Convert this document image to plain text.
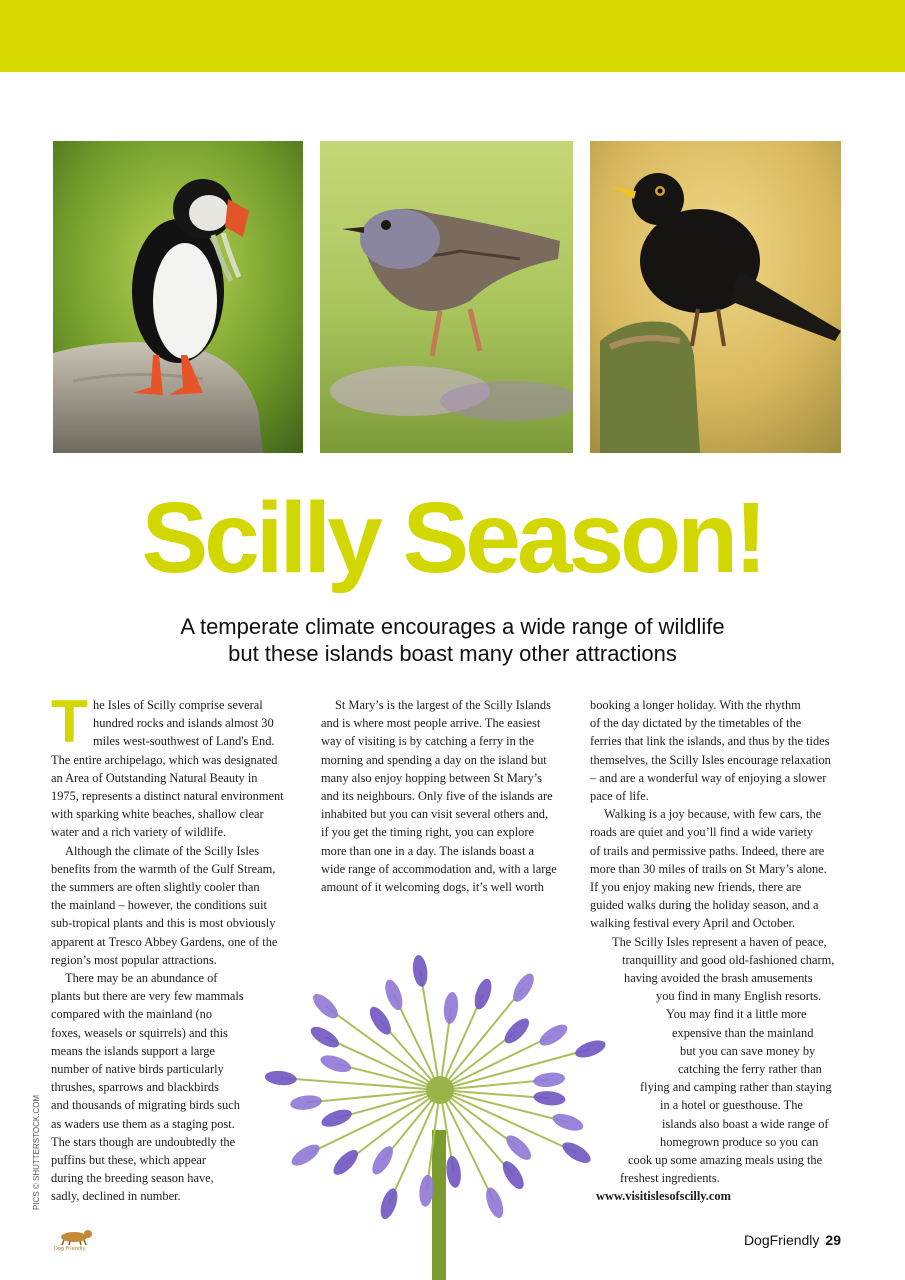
Scilly Season!
A temperate climate encourages a wide range of wildlife
but these islands boast many other attractions
T he Isles of Scilly comprise several
hundred rocks and islands almost 30
miles west-southwest of Land's End.
The entire archipelago, which was designated
an Area of Outstanding Natural Beauty in
1975, represents a distinct natural environment
with sparking white beaches, shallow clear
water and a rich variety of wildlife.
Although the climate of the Scilly Isles
benefits from the warmth of the Gulf Stream,
the summers are often slightly cooler than
the mainland – however, the conditions suit
sub-tropical plants and this is most obviously
apparent at Tresco Abbey Gardens, one of the
region’s most popular attractions.
There may be an abundance of
plants but there are very few mammals
compared with the mainland (no
foxes, weasels or squirrels) and this
means the islands support a large
number of native birds particularly
thrushes, sparrows and blackbirds
and thousands of migrating birds such
as waders use them as a staging post.
The stars though are undoubtedly the
puffins but these, which appear
during the breeding season have,
sadly, declined in number.
St Mary’s is the largest of the Scilly Islands
and is where most people arrive. The easiest
way of visiting is by catching a ferry in the
morning and spending a day on the island but
many also enjoy hopping between St Mary’s
and its neighbours. Only five of the islands are
inhabited but you can visit several others and,
if you get the timing right, you can explore
more than one in a day. The islands boast a
wide range of accommodation and, with a large
amount of it welcoming dogs, it’s well worth
booking a longer holiday. With the rhythm
of the day dictated by the timetables of the
ferries that link the islands, and thus by the tides
themselves, the Scilly Isles encourage relaxation
– and are a wonderful way of enjoying a slower
pace of life.
Walking is a joy because, with few cars, the
roads are quiet and you’ll find a wide variety
of trails and permissive paths. Indeed, there are
more than 30 miles of trails on St Mary’s alone.
If you enjoy making new friends, there are
guided walks during the holiday season, and a
walking festival every April and October.
The Scilly Isles represent a haven of peace,
tranquillity and good old-fashioned charm,
having avoided the brash amusements
you find in many English resorts.
You may find it a little more
expensive than the mainland
but you can save money by
catching the ferry rather than
flying and camping rather than staying
in a hotel or guesthouse. The
islands also boast a wide range of
homegrown produce so you can
cook up some amazing meals using the
freshest ingredients.
www.visitislesofscilly.com
PICS © SHUTTERSTOCK.COM
Dog Friendly
DogFriendly 29
